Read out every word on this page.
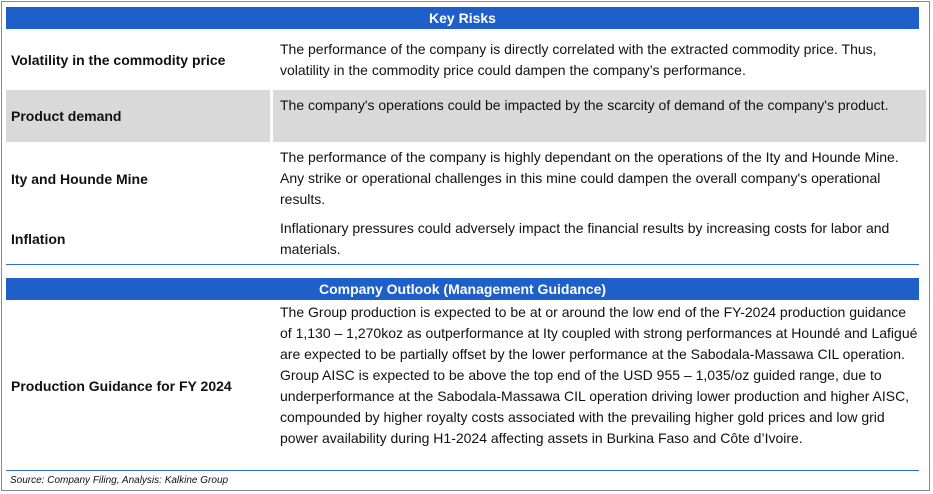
Key Risks
Volatility in the commodity price
The performance of the company is directly correlated with the extracted commodity price. Thus, volatility in the commodity price could dampen the company’s performance.
Product demand
The company's operations could be impacted by the scarcity of demand of the company's product.
Ity and Hounde Mine
The performance of the company is highly dependant on the operations of the Ity and Hounde Mine. Any strike or operational challenges in this mine could dampen the overall company's operational results.
Inflation
Inflationary pressures could adversely impact the financial results by increasing costs for labor and materials.
Company Outlook (Management Guidance)
Production Guidance for FY 2024
The Group production is expected to be at or around the low end of the FY-2024 production guidance of 1,130 – 1,270koz as outperformance at Ity coupled with strong performances at Houndé and Lafigué are expected to be partially offset by the lower performance at the Sabodala-Massawa CIL operation. Group AISC is expected to be above the top end of the USD 955 – 1,035/oz guided range, due to underperformance at the Sabodala-Massawa CIL operation driving lower production and higher AISC, compounded by higher royalty costs associated with the prevailing higher gold prices and low grid power availability during H1-2024 affecting assets in Burkina Faso and Côte d’Ivoire.
Source: Company Filing, Analysis: Kalkine Group
